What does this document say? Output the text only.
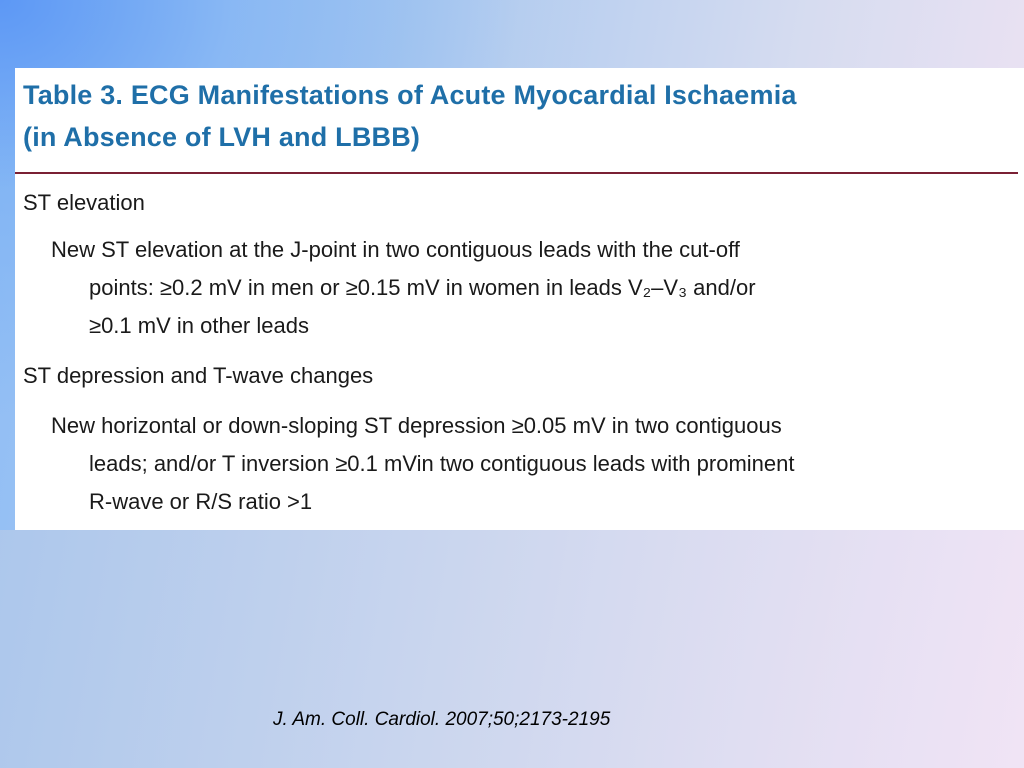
Table 3. ECG Manifestations of Acute Myocardial Ischaemia
(in Absence of LVH and LBBB)

ST elevation

New ST elevation at the J-point in two contiguous leads with the cut-off
points: ≥0.2 mV in men or ≥0.15 mV in women in leads V₂–V₃ and/or
≥0.1 mV in other leads

ST depression and T-wave changes

New horizontal or down-sloping ST depression ≥0.05 mV in two contiguous
leads; and/or T inversion ≥0.1 mVin two contiguous leads with prominent
R-wave or R/S ratio >1

J. Am. Coll. Cardiol. 2007;50;2173-2195
